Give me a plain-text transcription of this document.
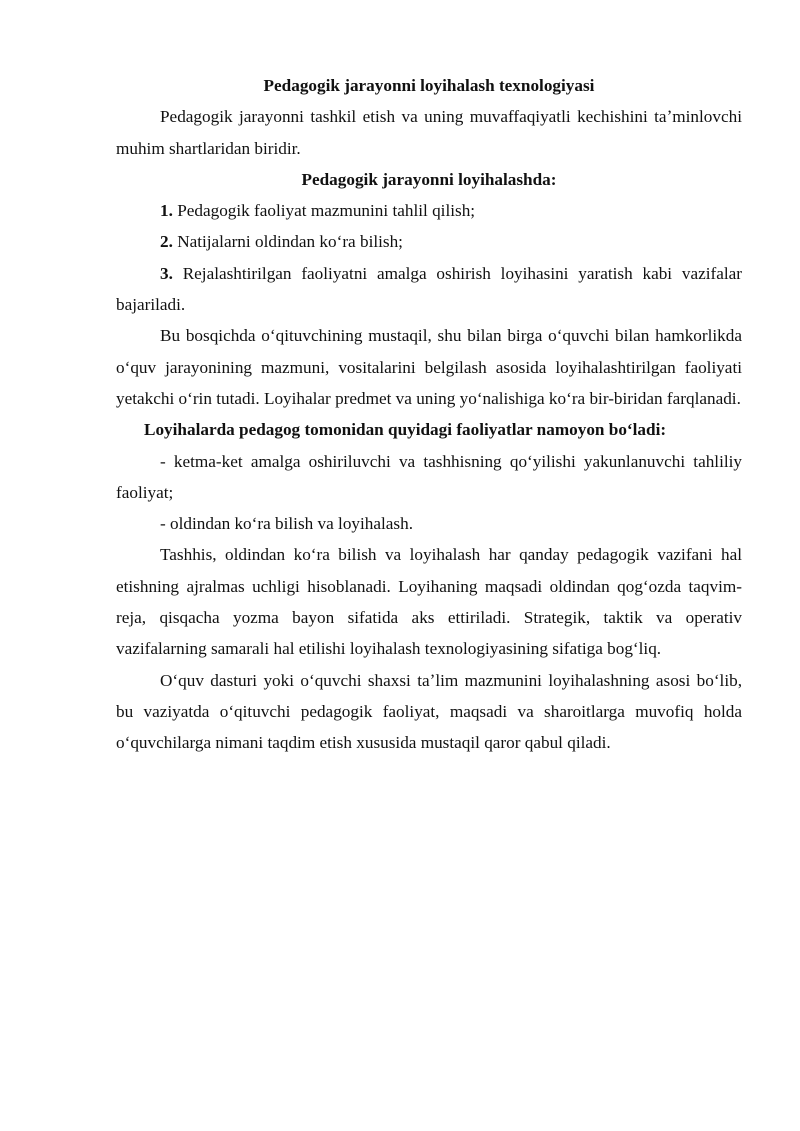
Pedagogik jarayonni loyihalash texnologiyasi
Pedagogik jarayonni tashkil etish va uning muvaffaqiyatli kechishini taʼminlovchi muhim shartlaridan biridir.
Pedagogik jarayonni loyihalashda:
1. Pedagogik faoliyat mazmunini tahlil qilish;
2. Natijalarni oldindan ko‘ra bilish;
3. Rejalashtirilgan faoliyatni amalga oshirish loyihasini yaratish kabi vazifalar bajariladi.
Bu bosqichda o‘qituvchining mustaqil, shu bilan birga o‘quvchi bilan hamkorlikda o‘quv jarayonining mazmuni, vositalarini belgilash asosida loyihalashtirilgan faoliyati yetakchi o‘rin tutadi. Loyihalar predmet va uning yo‘nalishiga ko‘ra bir-biridan farqlanadi.
Loyihalarda pedagog tomonidan quyidagi faoliyatlar namoyon bo‘ladi:
- ketma-ket amalga oshiriluvchi va tashhisning qo‘yilishi yakunlanuvchi tahliliy faoliyat;
- oldindan ko‘ra bilish va loyihalash.
Tashhis, oldindan ko‘ra bilish va loyihalash har qanday pedagogik vazifani hal etishning ajralmas uchligi hisoblanadi. Loyihaning maqsadi oldindan qog‘ozda taqvim-reja, qisqacha yozma bayon sifatida aks ettiriladi. Strategik, taktik va operativ vazifalarning samarali hal etilishi loyihalash texnologiyasining sifatiga bog‘liq.
O‘quv dasturi yoki o‘quvchi shaxsi taʼlim mazmunini loyihalashning asosi bo‘lib, bu vaziyatda o‘qituvchi pedagogik faoliyat, maqsadi va sharoitlarga muvofiq holda o‘quvchilarga nimani taqdim etish xususida mustaqil qaror qabul qiladi.
